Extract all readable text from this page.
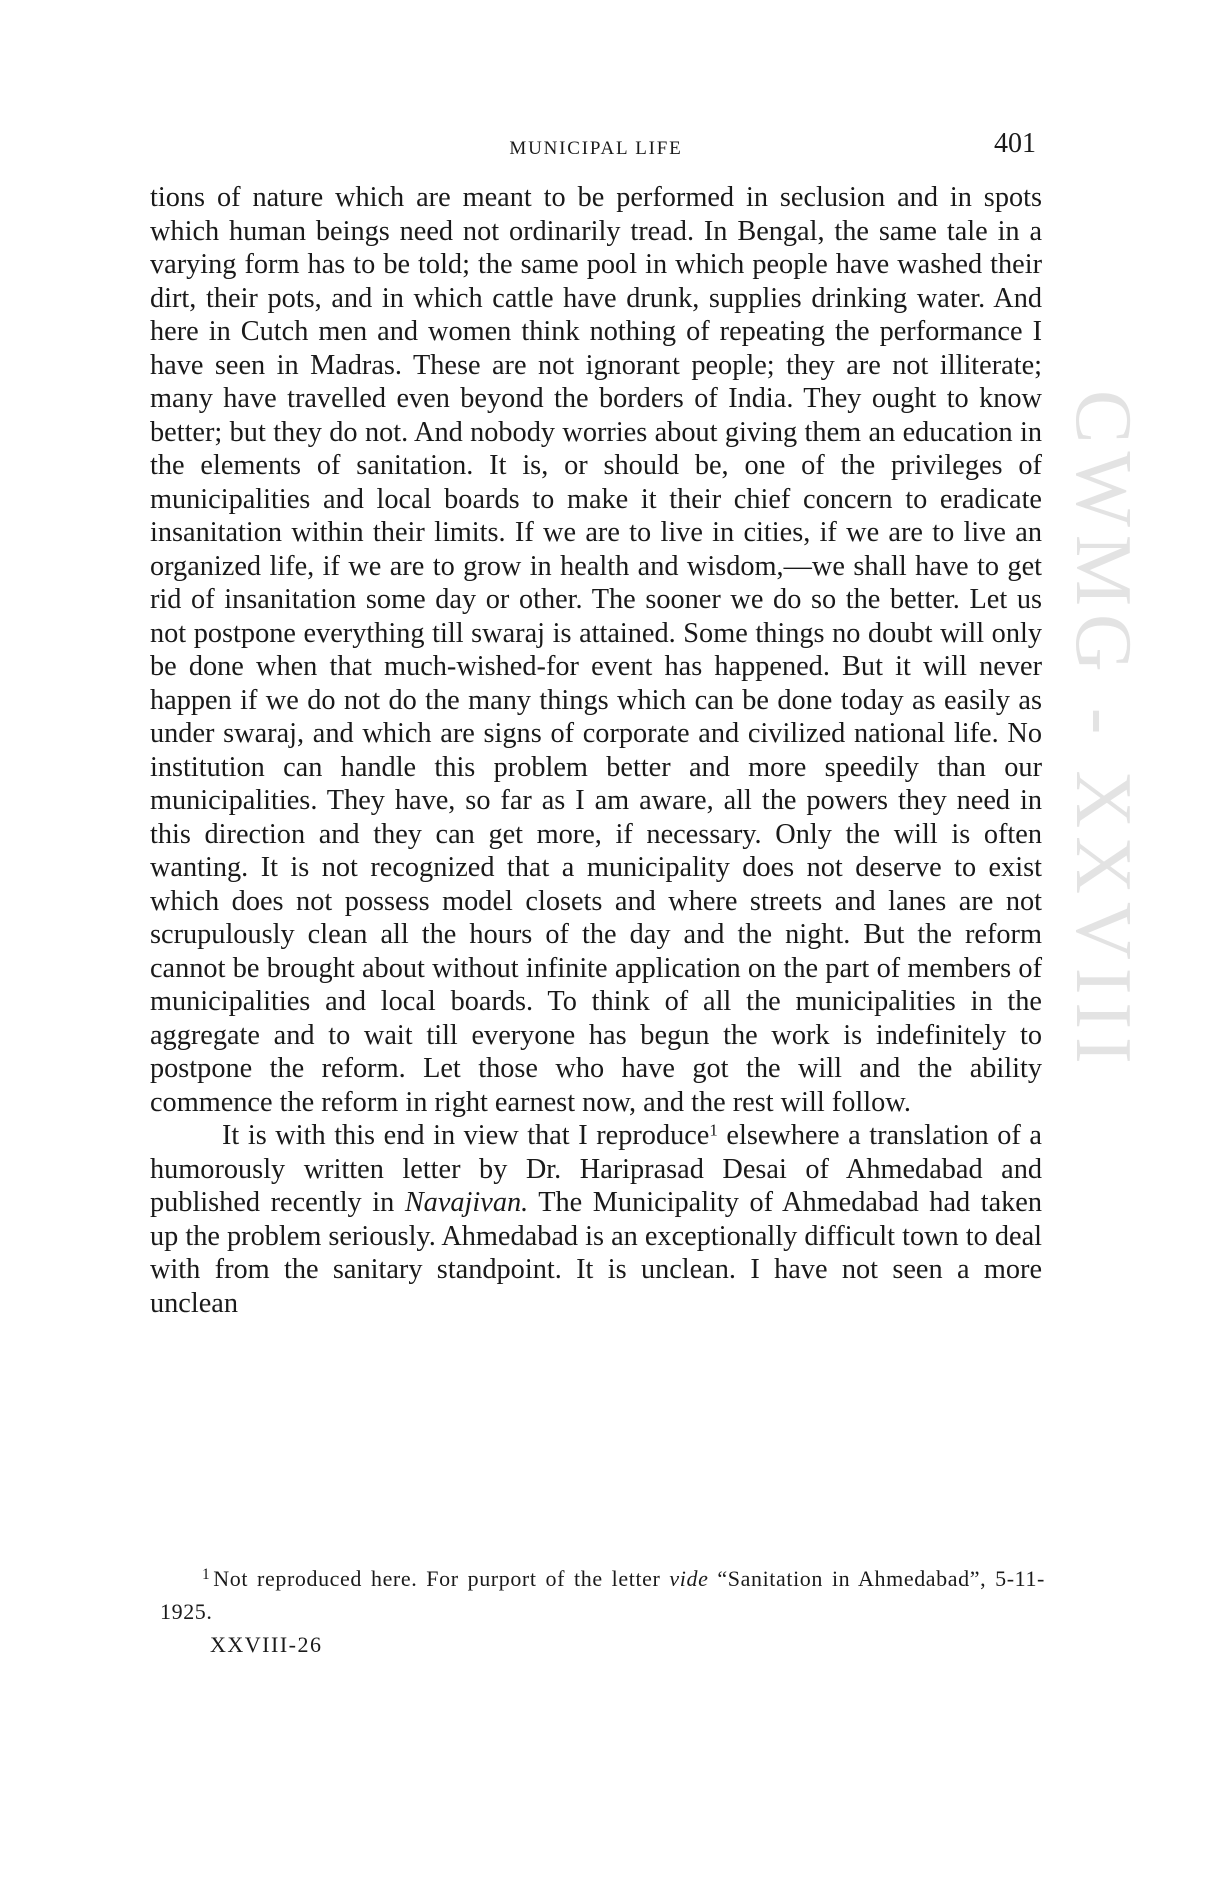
CWMG - XXVIII
MUNICIPAL LIFE	401

tions of nature which are meant to be performed in seclusion and in spots which human beings need not ordinarily tread. In Bengal, the same tale in a varying form has to be told; the same pool in which people have washed their dirt, their pots, and in which cattle have drunk, supplies drinking water. And here in Cutch men and women think nothing of repeating the performance I have seen in Madras. These are not ignorant people; they are not illiterate; many have travelled even beyond the borders of India. They ought to know better; but they do not. And nobody worries about giving them an education in the elements of sanitation. It is, or should be, one of the privileges of municipalities and local boards to make it their chief concern to eradicate insanitation within their limits. If we are to live in cities, if we are to live an organized life, if we are to grow in health and wisdom,—we shall have to get rid of insanitation some day or other. The sooner we do so the better. Let us not postpone everything till swaraj is attained. Some things no doubt will only be done when that much-wished-for event has happened. But it will never happen if we do not do the many things which can be done today as easily as under swaraj, and which are signs of corporate and civilized national life. No institution can handle this problem better and more speedily than our municipalities. They have, so far as I am aware, all the powers they need in this direction and they can get more, if necessary. Only the will is often wanting. It is not recognized that a municipality does not deserve to exist which does not possess model closets and where streets and lanes are not scrupulously clean all the hours of the day and the night. But the reform cannot be brought about without infinite application on the part of members of municipalities and local boards. To think of all the municipalities in the aggregate and to wait till everyone has begun the work is indefinitely to postpone the reform. Let those who have got the will and the ability commence the reform in right earnest now, and the rest will follow.

It is with this end in view that I reproduce$^1$ elsewhere a translation of a humorously written letter by Dr. Hariprasad Desai of Ahmedabad and published recently in Navajivan. The Municipality of Ahmedabad had taken up the problem seriously. Ahmedabad is an exceptionally difficult town to deal with from the sanitary standpoint. It is unclean. I have not seen a more unclean

$^1$ Not reproduced here. For purport of the letter vide “Sanitation in Ahmedabad”, 5-11-1925.
XXVIII-26
